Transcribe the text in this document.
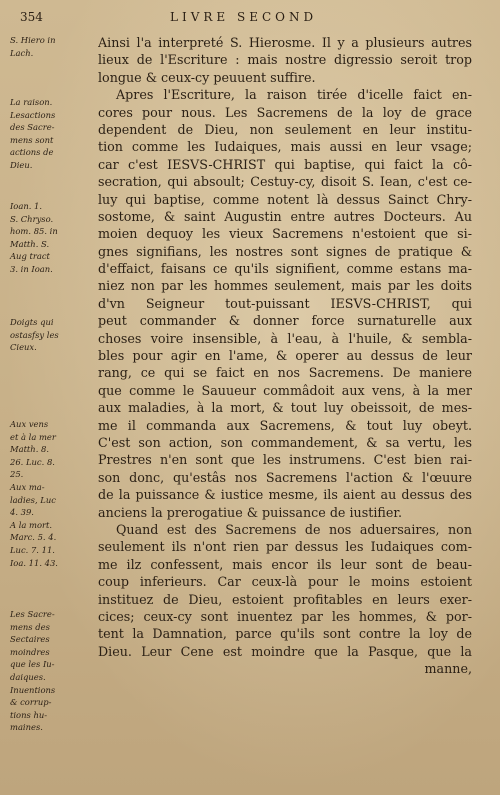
354	LIVRE SECOND
S. Hiero in
Lach.
La raison.
Lesactions
des Sacre-
mens sont
actions de
Dieu.
Ioan. 1.
S. Chryso.
hom. 85. in
Matth. S.
Aug tract
3. in Ioan.
Doigts qui
ostasfsy les
Cieux.
Aux vens
et à la mer
Matth. 8.
26. Luc. 8.
25.
Aux ma-
ladies, Luc
4. 39.
A la mort.
Marc. 5. 4.
Luc. 7. 11.
Ioa. 11. 43.
Les Sacre-
mens des
Sectaires
moindres
que les Iu-
daiques.
Inuentions
& corrup-
tions hu-
maines.
Ainsi l'a interpreté S. Hierosme. Il y a plusieurs autres
lieux de l'Escriture : mais nostre digressio seroit trop
longue & ceux-cy peuuent suffire.
Apres l'Escriture, la raison tirée d'icelle faict en-
cores pour nous. Les Sacremens de la loy de grace
dependent de Dieu, non seulement en leur institu-
tion comme les Iudaiques, mais aussi en leur vsage;
car c'est IESVS-CHRIST qui baptise, qui faict la cô-
secration, qui absoult; Cestuy-cy, disoit S. Iean, c'est ce-
luy qui baptise, comme notent là dessus Sainct Chry-
sostome, & saint Augustin entre autres Docteurs. Au
moien dequoy les vieux Sacremens n'estoient que si-
gnes signifians, les nostres sont signes de pratique &
d'effaict, faisans ce qu'ils signifient, comme estans ma-
niez non par les hommes seulement, mais par les doits
d'vn Seigneur tout-puissant IESVS-CHRIST, qui
peut commander & donner force surnaturelle aux
choses voire insensible, à l'eau, à l'huile, & sembla-
bles pour agir en l'ame, & operer au dessus de leur
rang, ce qui se faict en nos Sacremens. De maniere
que comme le Sauueur commâdoit aux vens, à la mer
aux maladies, à la mort, & tout luy obeissoit, de mes-
me il commanda aux Sacremens, & tout luy obeyt.
C'est son action, son commandement, & sa vertu, les
Prestres n'en sont que les instrumens. C'est bien rai-
son donc, qu'estâs nos Sacremens l'action & l'œuure
de la puissance & iustice mesme, ils aient au dessus des
anciens la prerogatiue & puissance de iustifier.
Quand est des Sacremens de nos aduersaires, non
seulement ils n'ont rien par dessus les Iudaiques com-
me ilz confessent, mais encor ils leur sont de beau-
coup inferieurs. Car ceux-là pour le moins estoient
instituez de Dieu, estoient profitables en leurs exer-
cices; ceux-cy sont inuentez par les hommes, & por-
tent la Damnation, parce qu'ils sont contre la loy de
Dieu. Leur Cene est moindre que la Pasque, que la
manne,
